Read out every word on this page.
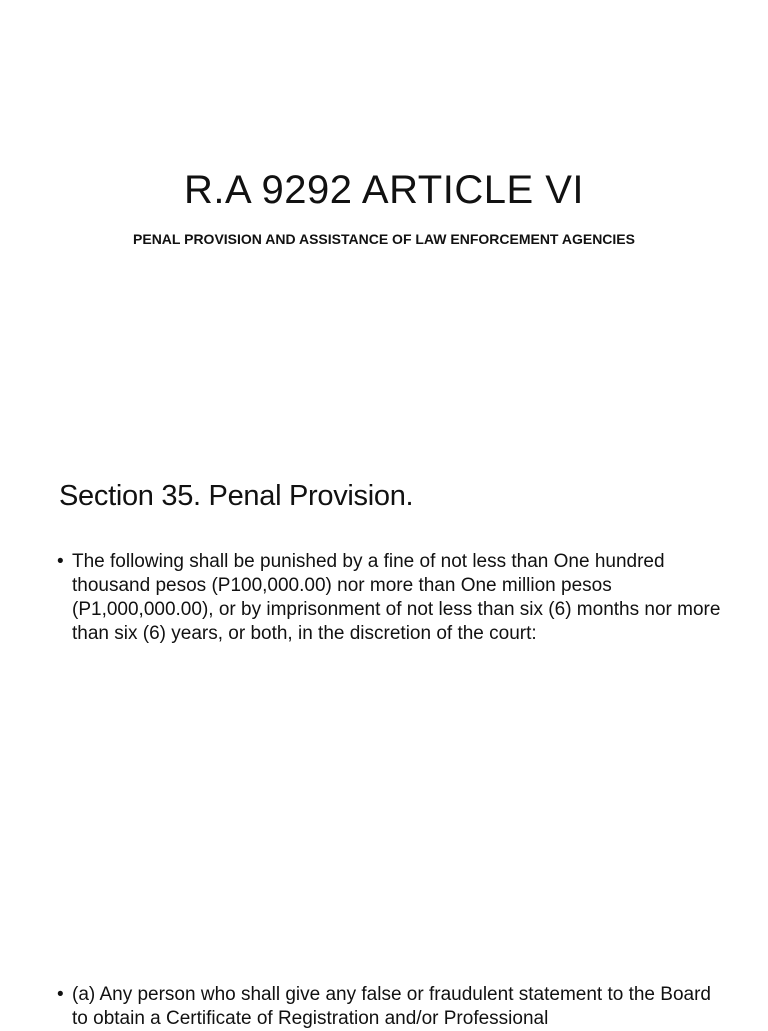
R.A 9292 ARTICLE VI

PENAL PROVISION AND ASSISTANCE OF LAW ENFORCEMENT AGENCIES

Section 35. Penal Provision.

• The following shall be punished by a fine of not less than One hundred thousand pesos (P100,000.00) nor more than One million pesos (P1,000,000.00), or by imprisonment of not less than six (6) months nor more than six (6) years, or both, in the discretion of the court:

• (a) Any person who shall give any false or fraudulent statement to the Board to obtain a Certificate of Registration and/or Professional
